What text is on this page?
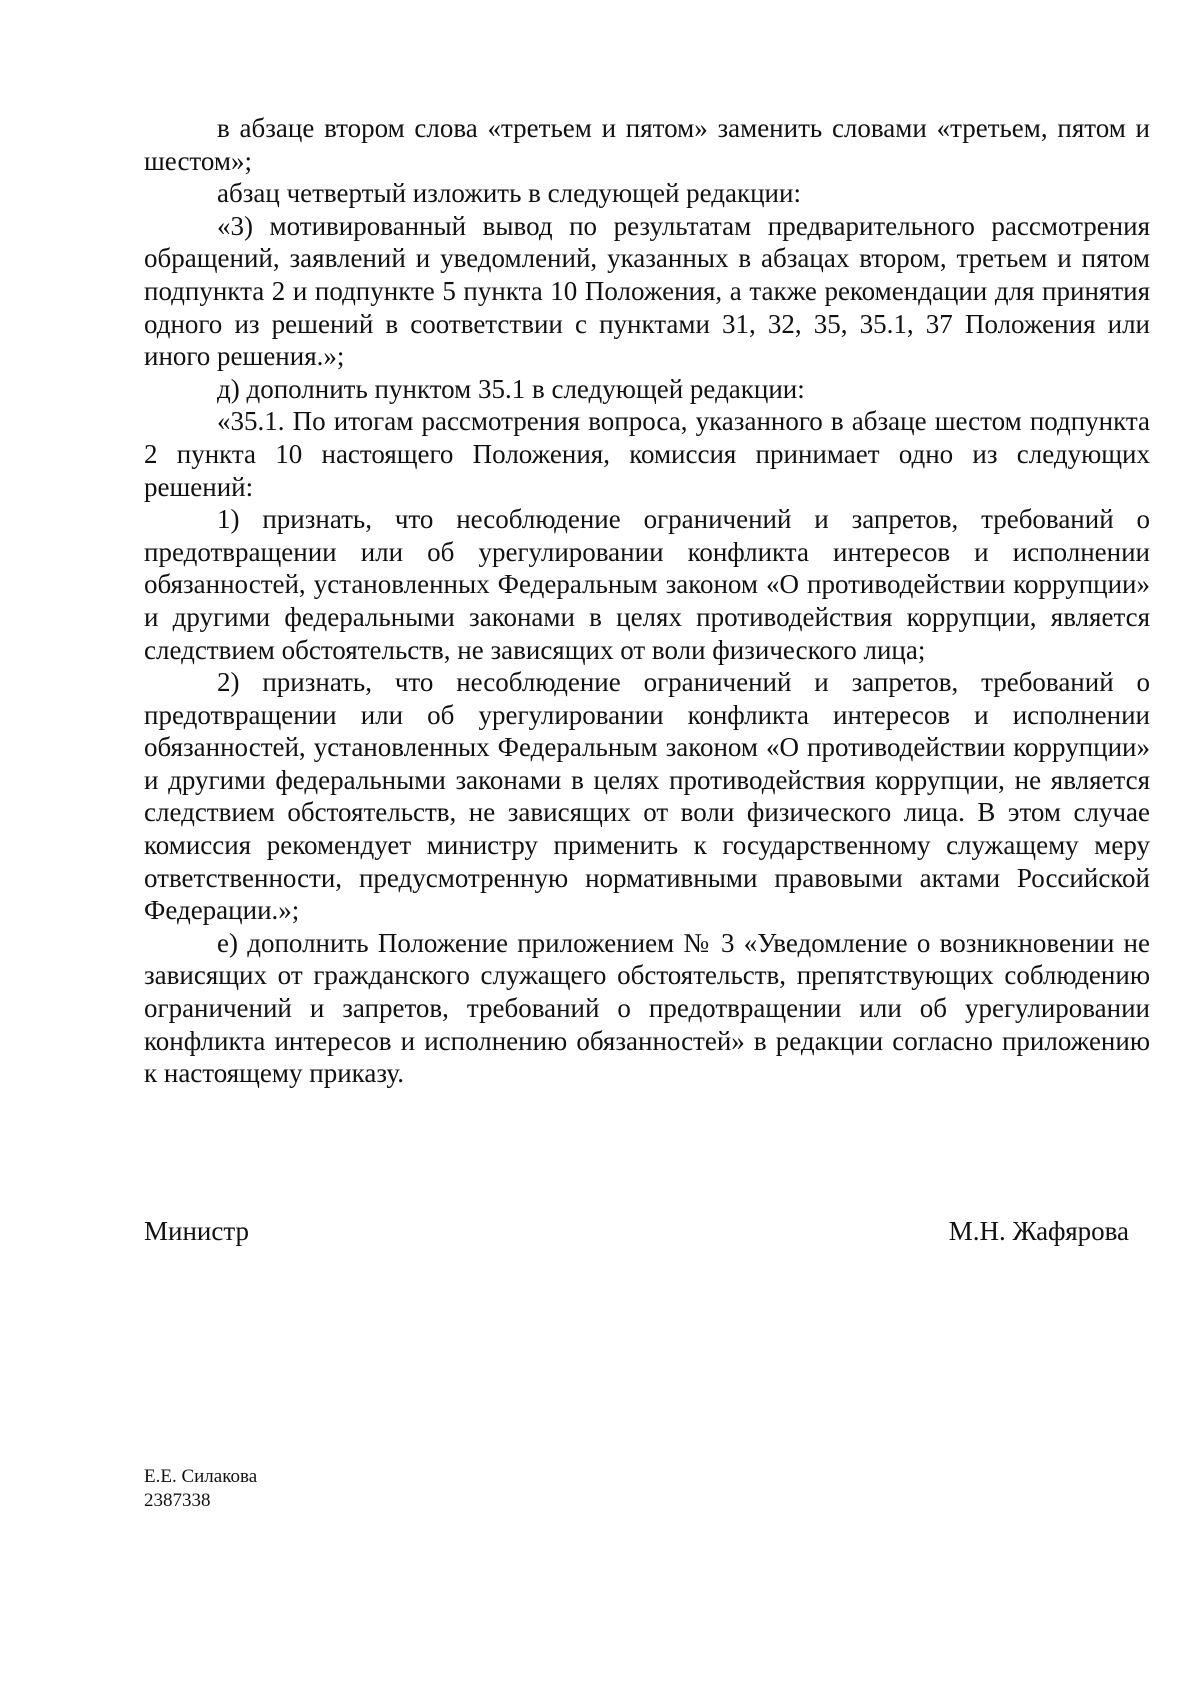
в абзаце втором слова «третьем и пятом» заменить словами «третьем, пятом и шестом»;

абзац четвертый изложить в следующей редакции:

«3) мотивированный вывод по результатам предварительного рассмотрения обращений, заявлений и уведомлений, указанных в абзацах втором, третьем и пятом подпункта 2 и подпункте 5 пункта 10 Положения, а также рекомендации для принятия одного из решений в соответствии с пунктами 31, 32, 35, 35.1, 37 Положения или иного решения.»;

д) дополнить пунктом 35.1 в следующей редакции:

«35.1. По итогам рассмотрения вопроса, указанного в абзаце шестом подпункта 2 пункта 10 настоящего Положения, комиссия принимает одно из следующих решений:

1) признать, что несоблюдение ограничений и запретов, требований о предотвращении или об урегулировании конфликта интересов и исполнении обязанностей, установленных Федеральным законом «О противодействии коррупции» и другими федеральными законами в целях противодействия коррупции, является следствием обстоятельств, не зависящих от воли физического лица;

2) признать, что несоблюдение ограничений и запретов, требований о предотвращении или об урегулировании конфликта интересов и исполнении обязанностей, установленных Федеральным законом «О противодействии коррупции» и другими федеральными законами в целях противодействия коррупции, не является следствием обстоятельств, не зависящих от воли физического лица. В этом случае комиссия рекомендует министру применить к государственному служащему меру ответственности, предусмотренную нормативными правовыми актами Российской Федерации.»;

е) дополнить Положение приложением № 3 «Уведомление о возникновении не зависящих от гражданского служащего обстоятельств, препятствующих соблюдению ограничений и запретов, требований о предотвращении или об урегулировании конфликта интересов и исполнению обязанностей» в редакции согласно приложению к настоящему приказу.

Министр	М.Н. Жафярова
Е.Е. Силакова
2387338
